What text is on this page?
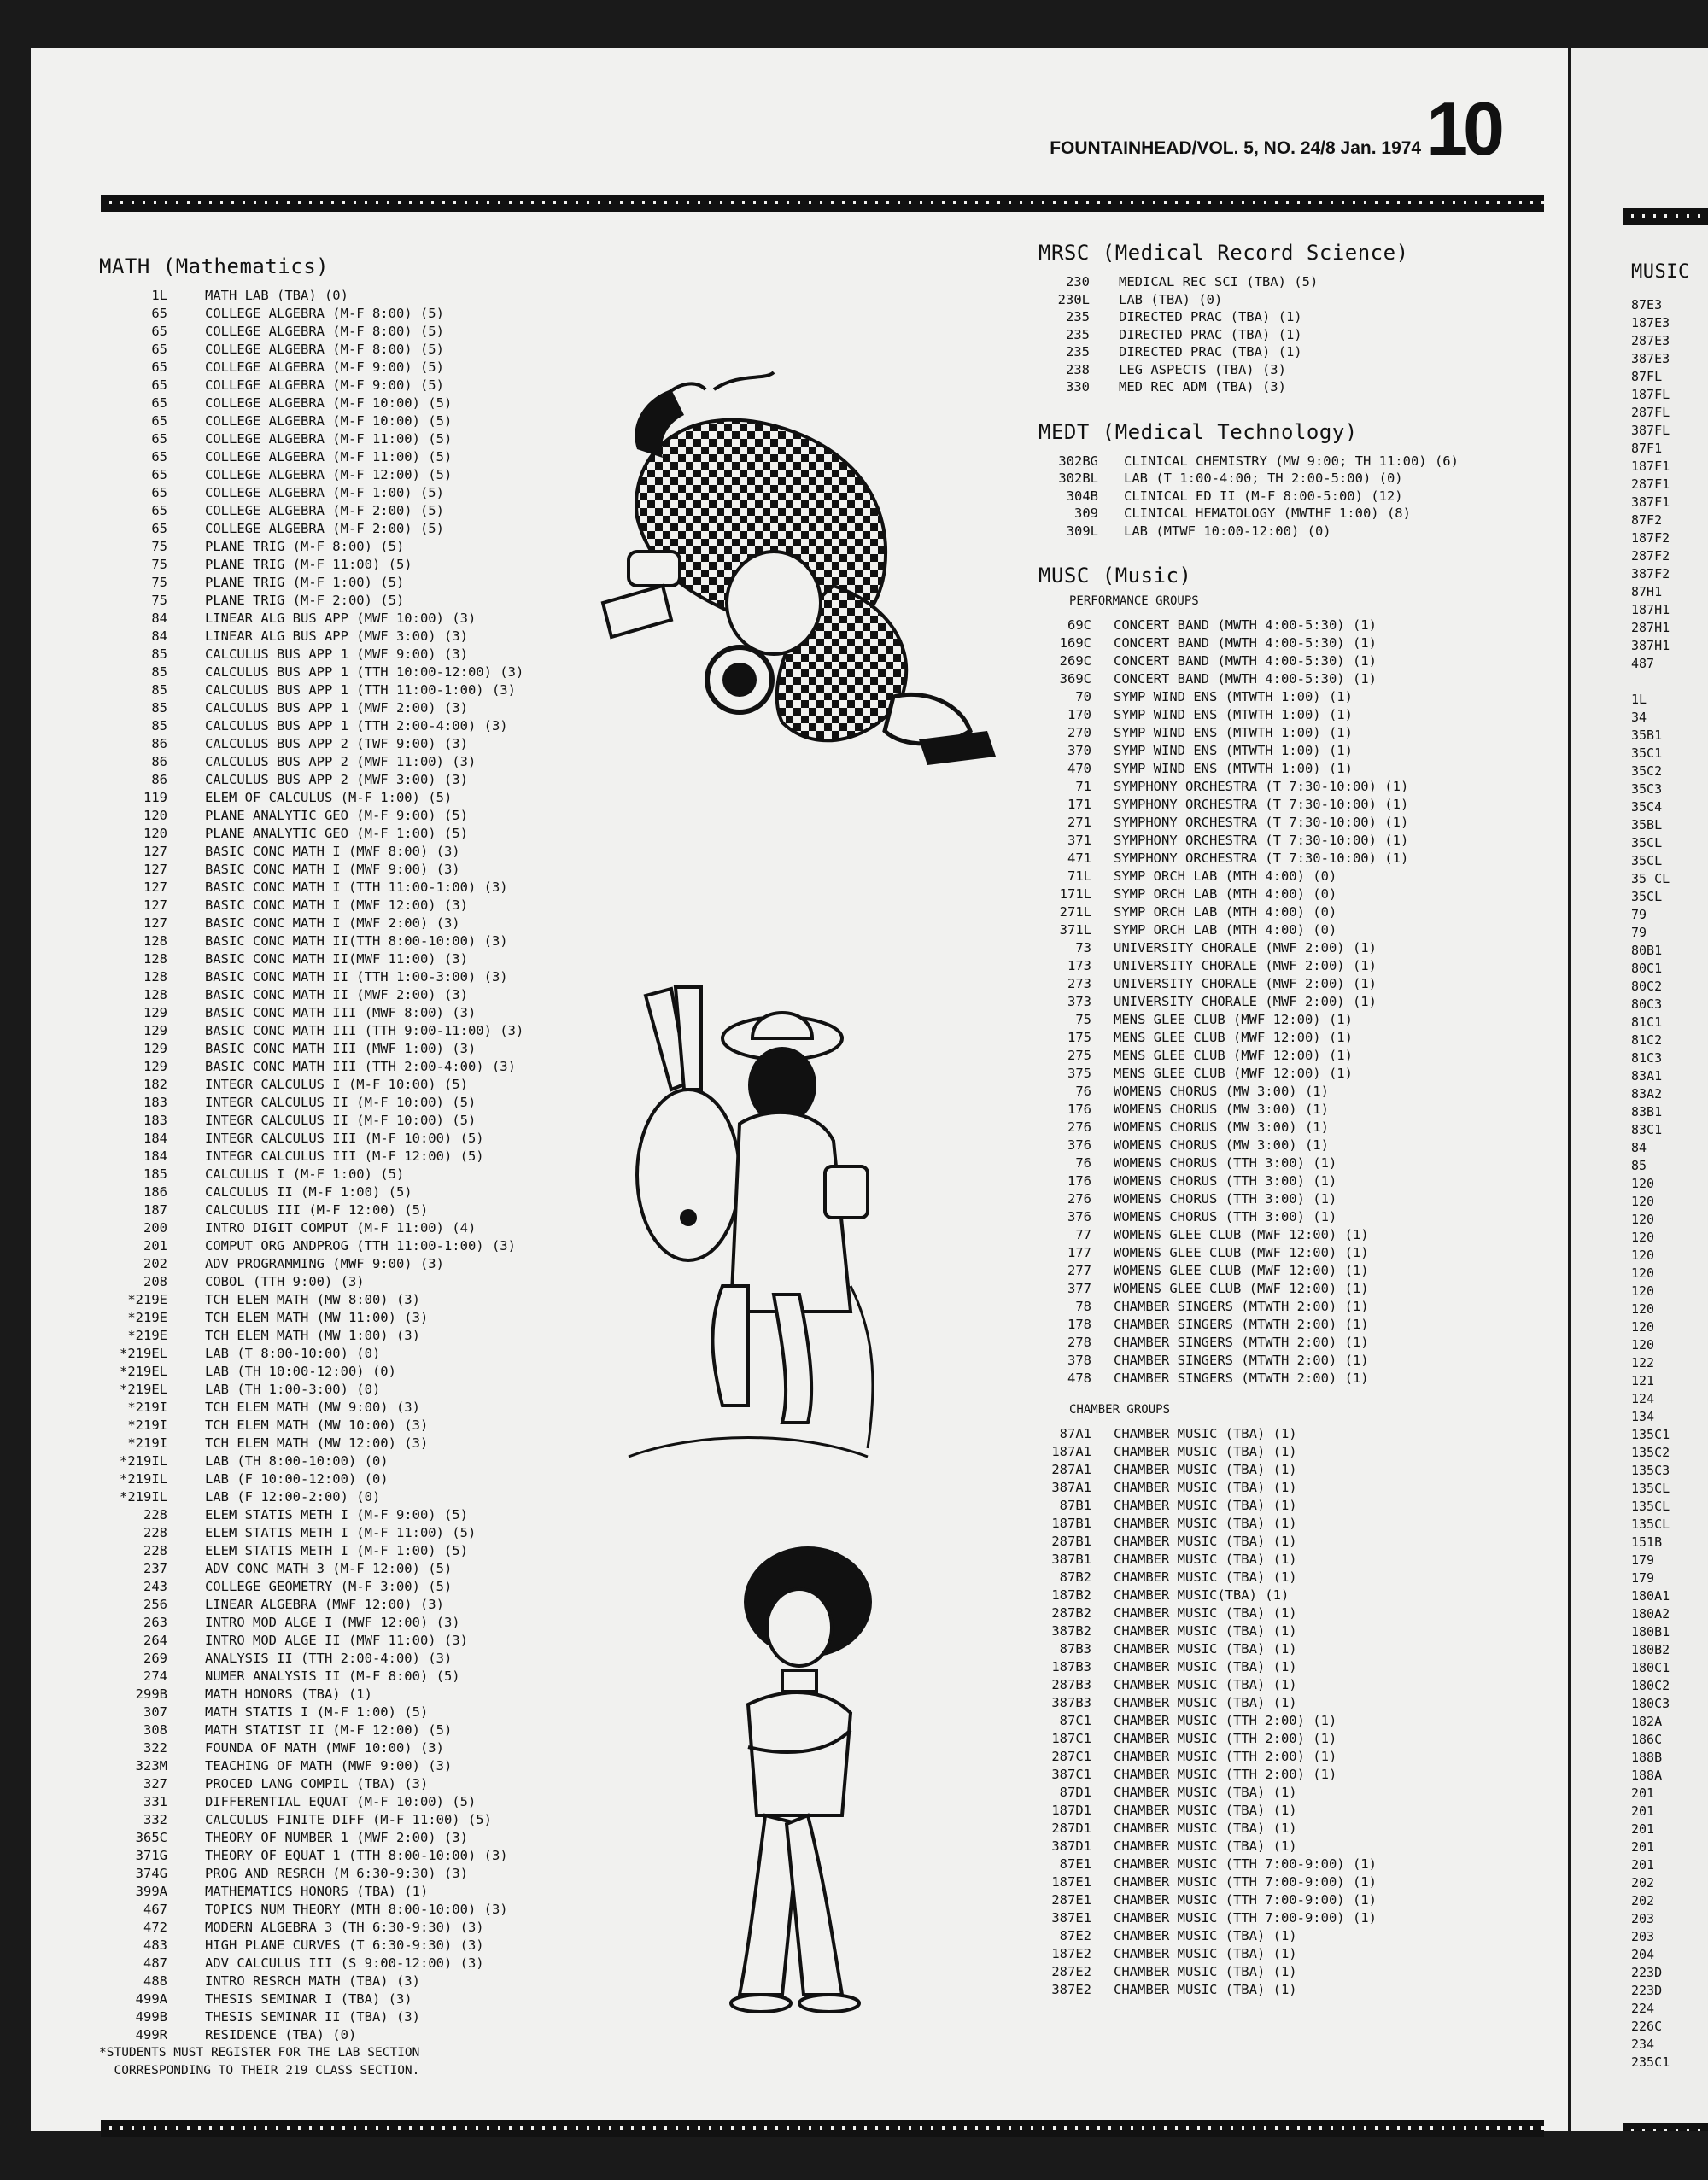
FOUNTAINHEAD/VOL. 5, NO. 24/8 Jan. 1974 10
MATH (Mathematics)
1L	MATH LAB (TBA) (0)
65	COLLEGE ALGEBRA (M-F 8:00) (5)
65	COLLEGE ALGEBRA (M-F 8:00) (5)
65	COLLEGE ALGEBRA (M-F 8:00) (5)
65	COLLEGE ALGEBRA (M-F 9:00) (5)
65	COLLEGE ALGEBRA (M-F 9:00) (5)
65	COLLEGE ALGEBRA (M-F 10:00) (5)
65	COLLEGE ALGEBRA (M-F 10:00) (5)
65	COLLEGE ALGEBRA (M-F 11:00) (5)
65	COLLEGE ALGEBRA (M-F 11:00) (5)
65	COLLEGE ALGEBRA (M-F 12:00) (5)
65	COLLEGE ALGEBRA (M-F 1:00) (5)
65	COLLEGE ALGEBRA (M-F 2:00) (5)
65	COLLEGE ALGEBRA (M-F 2:00) (5)
75	PLANE TRIG (M-F 8:00) (5)
75	PLANE TRIG (M-F 11:00) (5)
75	PLANE TRIG (M-F 1:00) (5)
75	PLANE TRIG (M-F 2:00) (5)
84	LINEAR ALG BUS APP (MWF 10:00) (3)
84	LINEAR ALG BUS APP (MWF 3:00) (3)
85	CALCULUS BUS APP 1 (MWF 9:00) (3)
85	CALCULUS BUS APP 1 (TTH 10:00-12:00) (3)
85	CALCULUS BUS APP 1 (TTH 11:00-1:00) (3)
85	CALCULUS BUS APP 1 (MWF 2:00) (3)
85	CALCULUS BUS APP 1 (TTH 2:00-4:00) (3)
86	CALCULUS BUS APP 2 (TWF 9:00) (3)
86	CALCULUS BUS APP 2 (MWF 11:00) (3)
86	CALCULUS BUS APP 2 (MWF 3:00) (3)
119	ELEM OF CALCULUS (M-F 1:00) (5)
120	PLANE ANALYTIC GEO (M-F 9:00) (5)
120	PLANE ANALYTIC GEO (M-F 1:00) (5)
127	BASIC CONC MATH I (MWF 8:00) (3)
127	BASIC CONC MATH I (MWF 9:00) (3)
127	BASIC CONC MATH I (TTH 11:00-1:00) (3)
127	BASIC CONC MATH I (MWF 12:00) (3)
127	BASIC CONC MATH I (MWF 2:00) (3)
128	BASIC CONC MATH II(TTH 8:00-10:00) (3)
128	BASIC CONC MATH II(MWF 11:00) (3)
128	BASIC CONC MATH II (TTH 1:00-3:00) (3)
128	BASIC CONC MATH II (MWF 2:00) (3)
129	BASIC CONC MATH III (MWF 8:00) (3)
129	BASIC CONC MATH III (TTH 9:00-11:00) (3)
129	BASIC CONC MATH III (MWF 1:00) (3)
129	BASIC CONC MATH III (TTH 2:00-4:00) (3)
182	INTEGR CALCULUS I (M-F 10:00) (5)
183	INTEGR CALCULUS II (M-F 10:00) (5)
183	INTEGR CALCULUS II (M-F 10:00) (5)
184	INTEGR CALCULUS III (M-F 10:00) (5)
184	INTEGR CALCULUS III (M-F 12:00) (5)
185	CALCULUS I (M-F 1:00) (5)
186	CALCULUS II (M-F 1:00) (5)
187	CALCULUS III (M-F 12:00) (5)
200	INTRO DIGIT COMPUT (M-F 11:00) (4)
201	COMPUT ORG ANDPROG (TTH 11:00-1:00) (3)
202	ADV PROGRAMMING (MWF 9:00) (3)
208	COBOL (TTH 9:00) (3)
*219E	TCH ELEM MATH (MW 8:00) (3)
*219E	TCH ELEM MATH (MW 11:00) (3)
*219E	TCH ELEM MATH (MW 1:00) (3)
*219EL	LAB (T 8:00-10:00) (0)
*219EL	LAB (TH 10:00-12:00) (0)
*219EL	LAB (TH 1:00-3:00) (0)
*219I	TCH ELEM MATH (MW 9:00) (3)
*219I	TCH ELEM MATH (MW 10:00) (3)
*219I	TCH ELEM MATH (MW 12:00) (3)
*219IL	LAB (TH 8:00-10:00) (0)
*219IL	LAB (F 10:00-12:00) (0)
*219IL	LAB (F 12:00-2:00) (0)
228	ELEM STATIS METH I (M-F 9:00) (5)
228	ELEM STATIS METH I (M-F 11:00) (5)
228	ELEM STATIS METH I (M-F 1:00) (5)
237	ADV CONC MATH 3 (M-F 12:00) (5)
243	COLLEGE GEOMETRY (M-F 3:00) (5)
256	LINEAR ALGEBRA (MWF 12:00) (3)
263	INTRO MOD ALGE I (MWF 12:00) (3)
264	INTRO MOD ALGE II (MWF 11:00) (3)
269	ANALYSIS II (TTH 2:00-4:00) (3)
274	NUMER ANALYSIS II (M-F 8:00) (5)
299B	MATH HONORS (TBA) (1)
307	MATH STATIS I (M-F 1:00) (5)
308	MATH STATIST II (M-F 12:00) (5)
322	FOUNDA OF MATH (MWF 10:00) (3)
323M	TEACHING OF MATH (MWF 9:00) (3)
327	PROCED LANG COMPIL (TBA) (3)
331	DIFFERENTIAL EQUAT (M-F 10:00) (5)
332	CALCULUS FINITE DIFF (M-F 11:00) (5)
365C	THEORY OF NUMBER 1 (MWF 2:00) (3)
371G	THEORY OF EQUAT 1 (TTH 8:00-10:00) (3)
374G	PROG AND RESRCH (M 6:30-9:30) (3)
399A	MATHEMATICS HONORS (TBA) (1)
467	TOPICS NUM THEORY (MTH 8:00-10:00) (3)
472	MODERN ALGEBRA 3 (TH 6:30-9:30) (3)
483	HIGH PLANE CURVES (T 6:30-9:30) (3)
487	ADV CALCULUS III (S 9:00-12:00) (3)
488	INTRO RESRCH MATH (TBA) (3)
499A	THESIS SEMINAR I (TBA) (3)
499B	THESIS SEMINAR II (TBA) (3)
499R	RESIDENCE (TBA) (0)
*STUDENTS MUST REGISTER FOR THE LAB SECTION
CORRESPONDING TO THEIR 219 CLASS SECTION.
MRSC (Medical Record Science)
230 MEDICAL REC SCI (TBA) (5)
230L LAB (TBA) (0)
235 DIRECTED PRAC (TBA) (1)
235 DIRECTED PRAC (TBA) (1)
235 DIRECTED PRAC (TBA) (1)
238 LEG ASPECTS (TBA) (3)
330 MED REC ADM (TBA) (3)
MEDT (Medical Technology)
302BG CLINICAL CHEMISTRY (MW 9:00; TH 11:00) (6)
302BL LAB (T 1:00-4:00; TH 2:00-5:00) (0)
304B CLINICAL ED II (M-F 8:00-5:00) (12)
309 CLINICAL HEMATOLOGY (MWTHF 1:00) (8)
309L LAB (MTWF 10:00-12:00) (0)
MUSC (Music)
PERFORMANCE GROUPS
69C CONCERT BAND (MWTH 4:00-5:30) (1)
169C CONCERT BAND (MWTH 4:00-5:30) (1)
269C CONCERT BAND (MWTH 4:00-5:30) (1)
369C CONCERT BAND (MWTH 4:00-5:30) (1)
70 SYMP WIND ENS (MTWTH 1:00) (1)
170 SYMP WIND ENS (MTWTH 1:00) (1)
270 SYMP WIND ENS (MTWTH 1:00) (1)
370 SYMP WIND ENS (MTWTH 1:00) (1)
470 SYMP WIND ENS (MTWTH 1:00) (1)
71 SYMPHONY ORCHESTRA (T 7:30-10:00) (1)
171 SYMPHONY ORCHESTRA (T 7:30-10:00) (1)
271 SYMPHONY ORCHESTRA (T 7:30-10:00) (1)
371 SYMPHONY ORCHESTRA (T 7:30-10:00) (1)
471 SYMPHONY ORCHESTRA (T 7:30-10:00) (1)
71L SYMP ORCH LAB (MTH 4:00) (0)
171L SYMP ORCH LAB (MTH 4:00) (0)
271L SYMP ORCH LAB (MTH 4:00) (0)
371L SYMP ORCH LAB (MTH 4:00) (0)
73 UNIVERSITY CHORALE (MWF 2:00) (1)
173 UNIVERSITY CHORALE (MWF 2:00) (1)
273 UNIVERSITY CHORALE (MWF 2:00) (1)
373 UNIVERSITY CHORALE (MWF 2:00) (1)
75 MENS GLEE CLUB (MWF 12:00) (1)
175 MENS GLEE CLUB (MWF 12:00) (1)
275 MENS GLEE CLUB (MWF 12:00) (1)
375 MENS GLEE CLUB (MWF 12:00) (1)
76 WOMENS CHORUS (MW 3:00) (1)
176 WOMENS CHORUS (MW 3:00) (1)
276 WOMENS CHORUS (MW 3:00) (1)
376 WOMENS CHORUS (MW 3:00) (1)
76 WOMENS CHORUS (TTH 3:00) (1)
176 WOMENS CHORUS (TTH 3:00) (1)
276 WOMENS CHORUS (TTH 3:00) (1)
376 WOMENS CHORUS (TTH 3:00) (1)
77 WOMENS GLEE CLUB (MWF 12:00) (1)
177 WOMENS GLEE CLUB (MWF 12:00) (1)
277 WOMENS GLEE CLUB (MWF 12:00) (1)
377 WOMENS GLEE CLUB (MWF 12:00) (1)
78 CHAMBER SINGERS (MTWTH 2:00) (1)
178 CHAMBER SINGERS (MTWTH 2:00) (1)
278 CHAMBER SINGERS (MTWTH 2:00) (1)
378 CHAMBER SINGERS (MTWTH 2:00) (1)
478 CHAMBER SINGERS (MTWTH 2:00) (1)
CHAMBER GROUPS
87A1 CHAMBER MUSIC (TBA) (1)
187A1 CHAMBER MUSIC (TBA) (1)
287A1 CHAMBER MUSIC (TBA) (1)
387A1 CHAMBER MUSIC (TBA) (1)
87B1 CHAMBER MUSIC (TBA) (1)
187B1 CHAMBER MUSIC (TBA) (1)
287B1 CHAMBER MUSIC (TBA) (1)
387B1 CHAMBER MUSIC (TBA) (1)
87B2 CHAMBER MUSIC (TBA) (1)
187B2 CHAMBER MUSIC(TBA) (1)
287B2 CHAMBER MUSIC (TBA) (1)
387B2 CHAMBER MUSIC (TBA) (1)
87B3 CHAMBER MUSIC (TBA) (1)
187B3 CHAMBER MUSIC (TBA) (1)
287B3 CHAMBER MUSIC (TBA) (1)
387B3 CHAMBER MUSIC (TBA) (1)
87C1 CHAMBER MUSIC (TTH 2:00) (1)
187C1 CHAMBER MUSIC (TTH 2:00) (1)
287C1 CHAMBER MUSIC (TTH 2:00) (1)
387C1 CHAMBER MUSIC (TTH 2:00) (1)
87D1 CHAMBER MUSIC (TBA) (1)
187D1 CHAMBER MUSIC (TBA) (1)
287D1 CHAMBER MUSIC (TBA) (1)
387D1 CHAMBER MUSIC (TBA) (1)
87E1 CHAMBER MUSIC (TTH 7:00-9:00) (1)
187E1 CHAMBER MUSIC (TTH 7:00-9:00) (1)
287E1 CHAMBER MUSIC (TTH 7:00-9:00) (1)
387E1 CHAMBER MUSIC (TTH 7:00-9:00) (1)
87E2 CHAMBER MUSIC (TBA) (1)
187E2 CHAMBER MUSIC (TBA) (1)
287E2 CHAMBER MUSIC (TBA) (1)
387E2 CHAMBER MUSIC (TBA) (1)
MUSIC
87E3
187E3
287E3
387E3
87FL
187FL
287FL
387FL
87F1
187F1
287F1
387F1
87F2
187F2
287F2
387F2
87H1
187H1
287H1
387H1
487
1L
34
35B1
35C1
35C2
35C3
35C4
35BL
35CL
35CL
35 CL
35CL
79
79
80B1
80C1
80C2
80C3
81C1
81C2
81C3
83A1
83A2
83B1
83C1
84
85
120
120
120
120
120
120
120
120
120
120
122
121
124
134
135C1
135C2
135C3
135CL
135CL
135CL
151B
179
179
180A1
180A2
180B1
180B2
180C1
180C2
180C3
182A
186C
188B
188A
201
201
201
201
201
202
202
203
203
204
223D
223D
224
226C
234
235C1
